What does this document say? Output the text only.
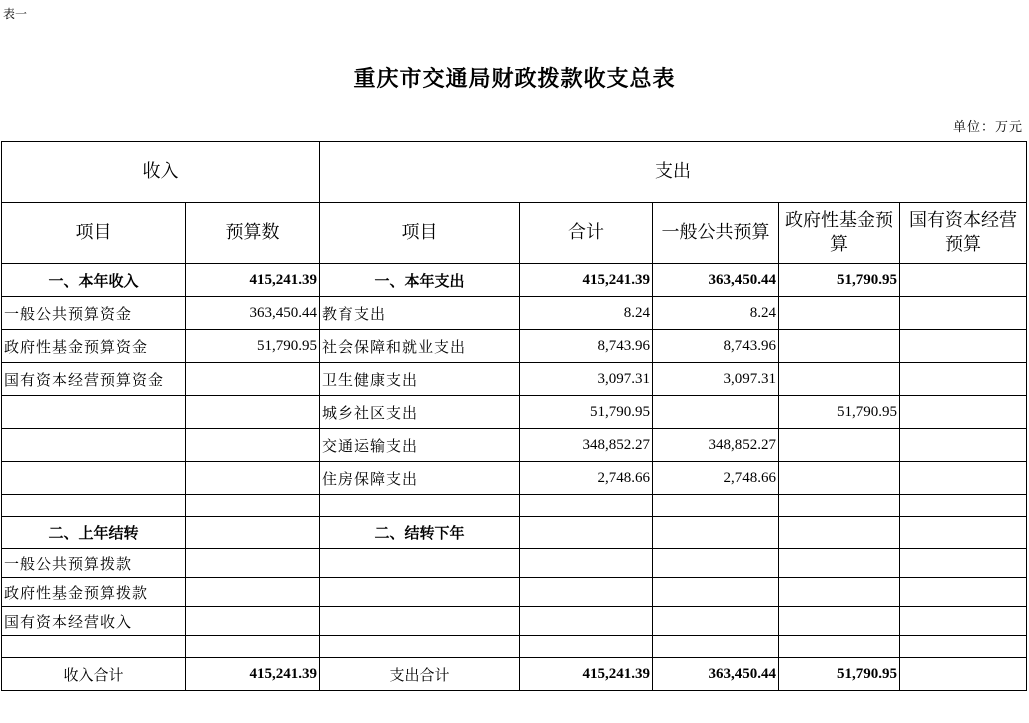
表一
重庆市交通局财政拨款收支总表
单位：万元
收入		支出				
项目	预算数	项目	合计	一般公共预算	政府性基金预算	国有资本经营预算
一、本年收入	415,241.39	一、本年支出	415,241.39	363,450.44	51,790.95	
一般公共预算资金	363,450.44	教育支出	8.24	8.24		
政府性基金预算资金	51,790.95	社会保障和就业支出	8,743.96	8,743.96		
国有资本经营预算资金		卫生健康支出	3,097.31	3,097.31		
		城乡社区支出	51,790.95		51,790.95	
		交通运输支出	348,852.27	348,852.27		
		住房保障支出	2,748.66	2,748.66		

二、上年结转		二、结转下年				
一般公共预算拨款						
政府性基金预算拨款						
国有资本经营收入						

收入合计	415,241.39	支出合计	415,241.39	363,450.44	51,790.95	
